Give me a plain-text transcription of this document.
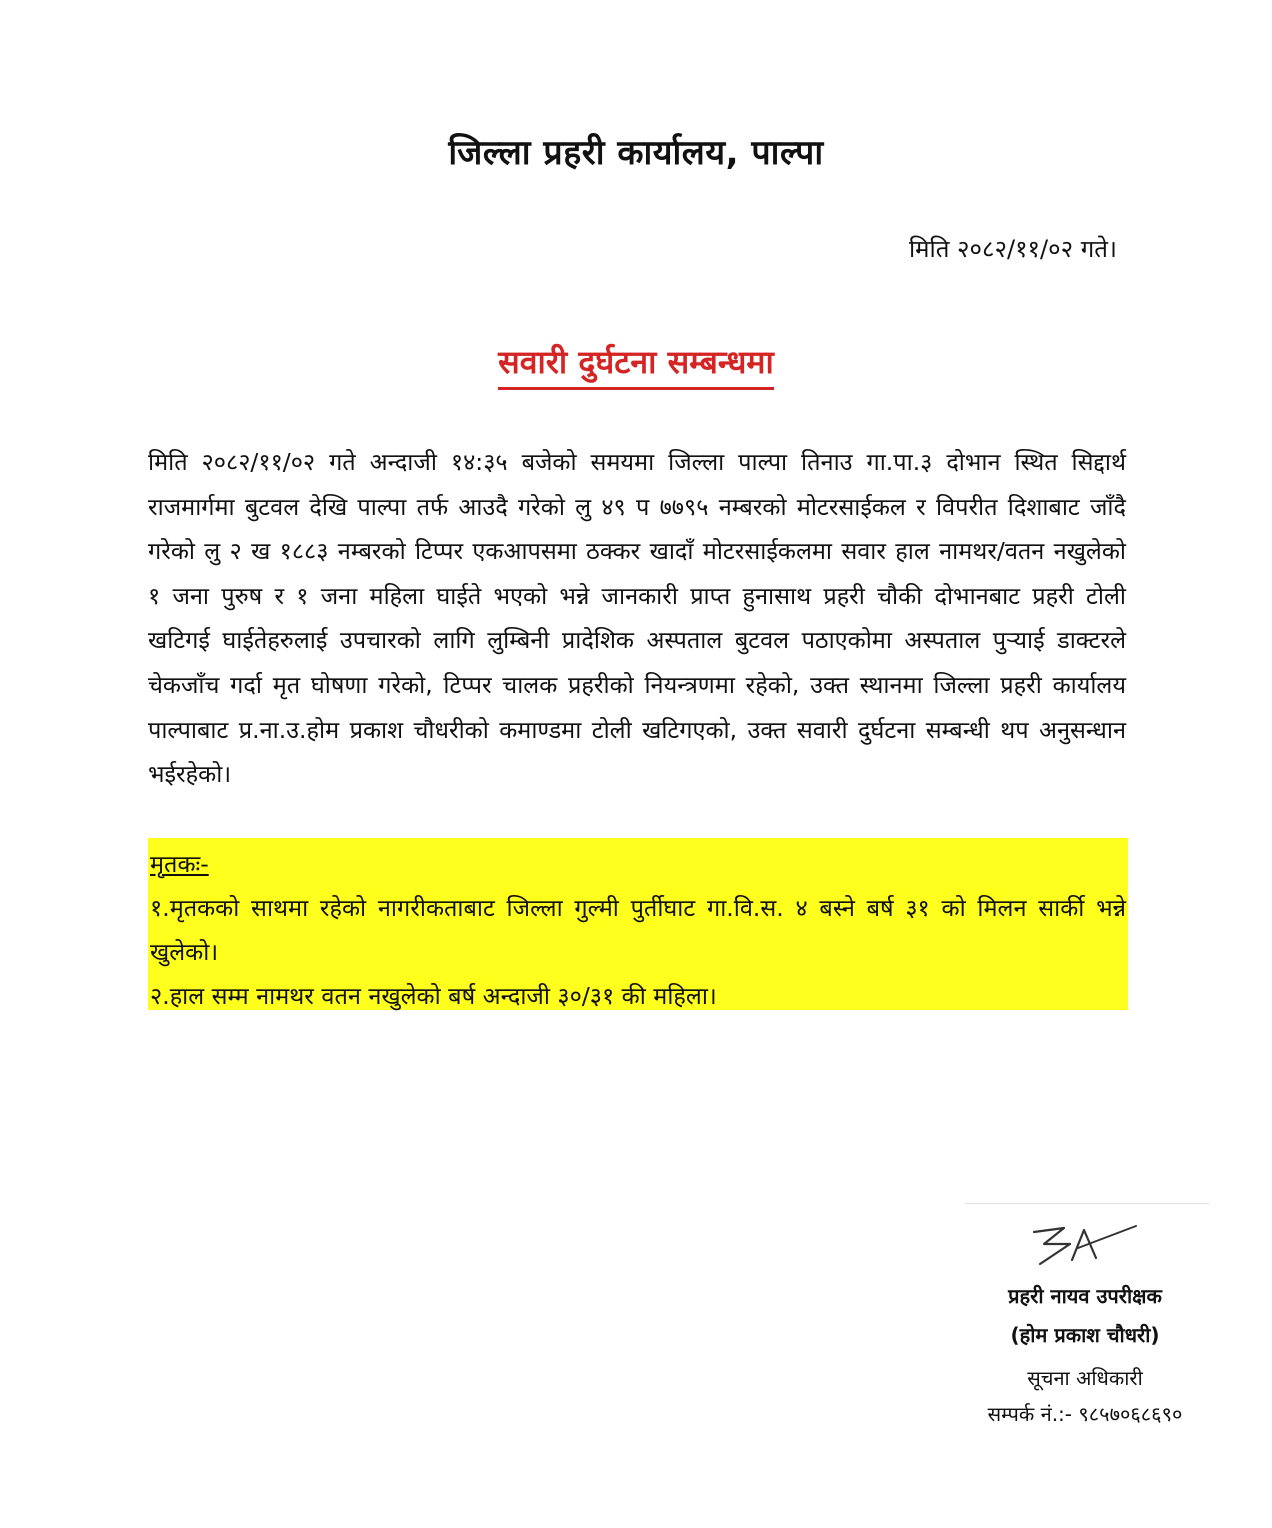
जिल्ला प्रहरी कार्यालय, पाल्पा
मिति २०८२/११/०२ गते।
सवारी दुर्घटना सम्बन्धमा
मिति २०८२/११/०२ गते अन्दाजी १४:३५ बजेको समयमा जिल्ला पाल्पा तिनाउ गा.पा.३ दोभान स्थित सिद्दार्थ राजमार्गमा बुटवल देखि पाल्पा तर्फ आउदै गरेको लु ४९ प ७७९५ नम्बरको मोटरसाईकल र विपरीत दिशाबाट जाँदै गरेको लु २ ख १८८३ नम्बरको टिप्पर एकआपसमा ठक्कर खादाँ मोटरसाईकलमा सवार हाल नामथर/वतन नखुलेको १ जना पुरुष र १ जना महिला घाईते भएको भन्ने जानकारी प्राप्त हुनासाथ प्रहरी चौकी दोभानबाट प्रहरी टोली खटिगई घाईतेहरुलाई उपचारको लागि लुम्बिनी प्रादेशिक अस्पताल बुटवल पठाएकोमा अस्पताल पुऱ्याई डाक्टरले चेकजाँच गर्दा मृत घोषणा गरेको, टिप्पर चालक प्रहरीको नियन्त्रणमा रहेको, उक्त स्थानमा जिल्ला प्रहरी कार्यालय पाल्पाबाट प्र.ना.उ.होम प्रकाश चौधरीको कमाण्डमा टोली खटिगएको, उक्त सवारी दुर्घटना सम्बन्धी थप अनुसन्धान भईरहेको।
मृतकः-
१.मृतकको साथमा रहेको नागरीकताबाट जिल्ला गुल्मी पुर्तीघाट गा.वि.स. ४ बस्ने बर्ष ३१ को मिलन सार्की भन्ने खुलेको।
२.हाल सम्म नामथर वतन नखुलेको बर्ष अन्दाजी ३०/३१ की महिला।
प्रहरी नायव उपरीक्षक
(होम प्रकाश चौधरी)
सूचना अधिकारी
सम्पर्क नं.:- ९८५७०६८६९०
